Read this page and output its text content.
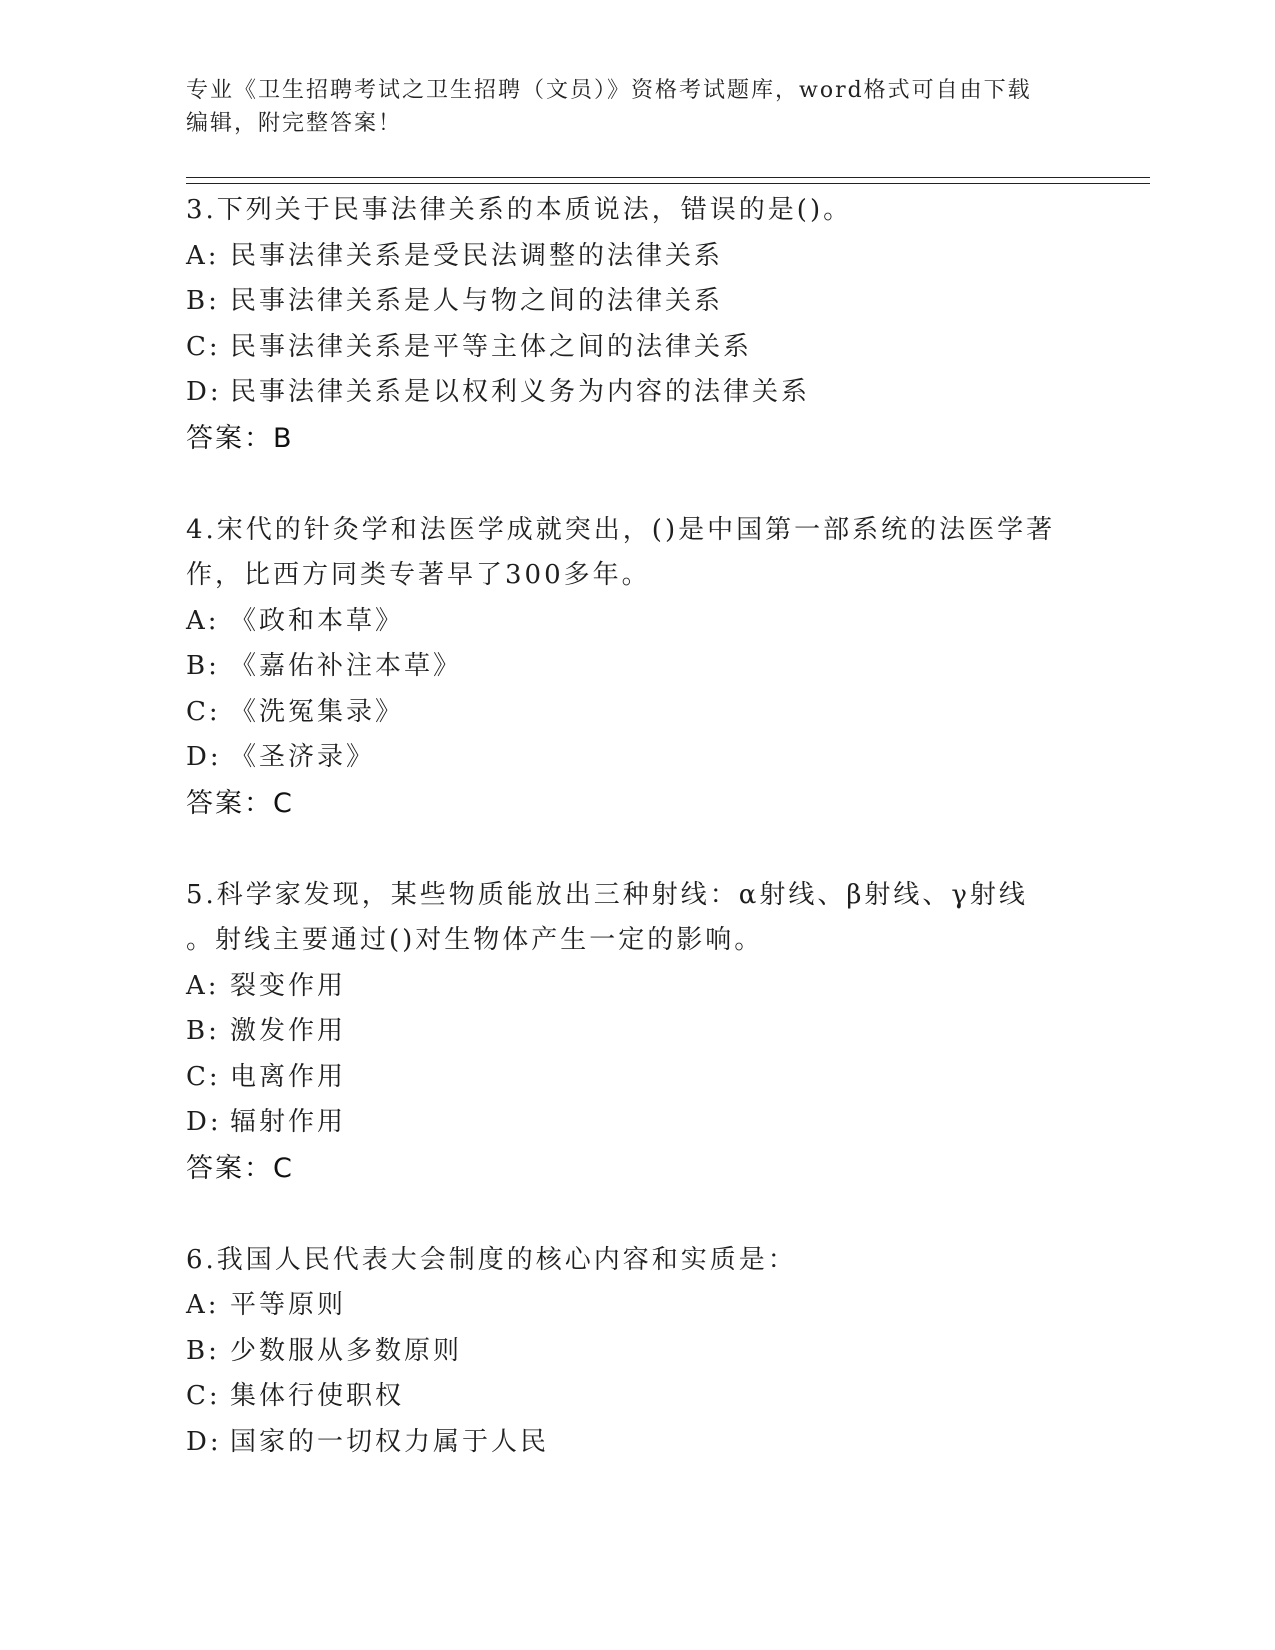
专业《卫生招聘考试之卫生招聘（文员）》资格考试题库，word格式可自由下载
编辑，附完整答案！
3.下列关于民事法律关系的本质说法，错误的是()。
A: 民事法律关系是受民法调整的法律关系
B: 民事法律关系是人与物之间的法律关系
C: 民事法律关系是平等主体之间的法律关系
D: 民事法律关系是以权利义务为内容的法律关系
答案：B
4.宋代的针灸学和法医学成就突出，()是中国第一部系统的法医学著
作，比西方同类专著早了300多年。
A: 《政和本草》
B: 《嘉佑补注本草》
C: 《洗冤集录》
D: 《圣济录》
答案：C
5.科学家发现，某些物质能放出三种射线：α射线、β射线、γ射线
。射线主要通过()对生物体产生一定的影响。
A: 裂变作用
B: 激发作用
C: 电离作用
D: 辐射作用
答案：C
6.我国人民代表大会制度的核心内容和实质是：
A: 平等原则
B: 少数服从多数原则
C: 集体行使职权
D: 国家的一切权力属于人民
